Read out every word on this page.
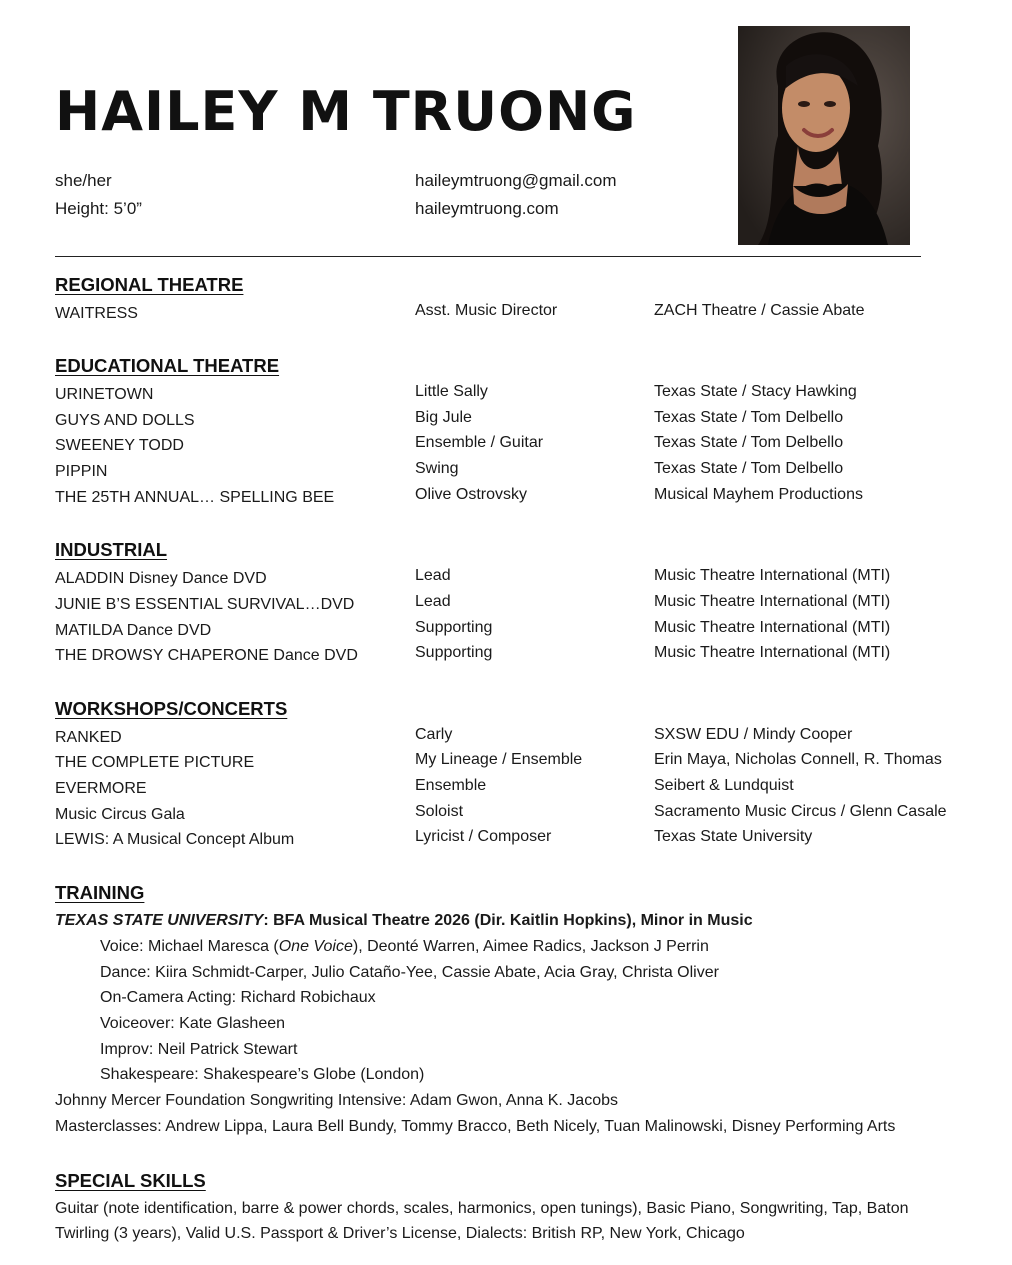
HAILEY M TRUONG
she/her
Height: 5’0”
haileymtruong@gmail.com
haileymtruong.com
REGIONAL THEATRE
WAITRESS	Asst. Music Director	ZACH Theatre / Cassie Abate
EDUCATIONAL THEATRE
URINETOWN	Little Sally	Texas State / Stacy Hawking
GUYS AND DOLLS	Big Jule	Texas State / Tom Delbello
SWEENEY TODD	Ensemble / Guitar	Texas State / Tom Delbello
PIPPIN	Swing	Texas State / Tom Delbello
THE 25TH ANNUAL… SPELLING BEE	Olive Ostrovsky	Musical Mayhem Productions
INDUSTRIAL
ALADDIN Disney Dance DVD	Lead	Music Theatre International (MTI)
JUNIE B’S ESSENTIAL SURVIVAL…DVD	Lead	Music Theatre International (MTI)
MATILDA Dance DVD	Supporting	Music Theatre International (MTI)
THE DROWSY CHAPERONE Dance DVD	Supporting	Music Theatre International (MTI)
WORKSHOPS/CONCERTS
RANKED	Carly	SXSW EDU / Mindy Cooper
THE COMPLETE PICTURE	My Lineage / Ensemble	Erin Maya, Nicholas Connell, R. Thomas
EVERMORE	Ensemble	Seibert & Lundquist
Music Circus Gala	Soloist	Sacramento Music Circus / Glenn Casale
LEWIS: A Musical Concept Album	Lyricist / Composer	Texas State University
TRAINING
TEXAS STATE UNIVERSITY: BFA Musical Theatre 2026 (Dir. Kaitlin Hopkins), Minor in Music
Voice: Michael Maresca (One Voice), Deonté Warren, Aimee Radics, Jackson J Perrin
Dance: Kiira Schmidt-Carper, Julio Cataño-Yee, Cassie Abate, Acia Gray, Christa Oliver
On-Camera Acting: Richard Robichaux
Voiceover: Kate Glasheen
Improv: Neil Patrick Stewart
Shakespeare: Shakespeare’s Globe (London)
Johnny Mercer Foundation Songwriting Intensive: Adam Gwon, Anna K. Jacobs
Masterclasses: Andrew Lippa, Laura Bell Bundy, Tommy Bracco, Beth Nicely, Tuan Malinowski, Disney Performing Arts
SPECIAL SKILLS
Guitar (note identification, barre & power chords, scales, harmonics, open tunings), Basic Piano, Songwriting, Tap, Baton
Twirling (3 years), Valid U.S. Passport & Driver’s License, Dialects: British RP, New York, Chicago
